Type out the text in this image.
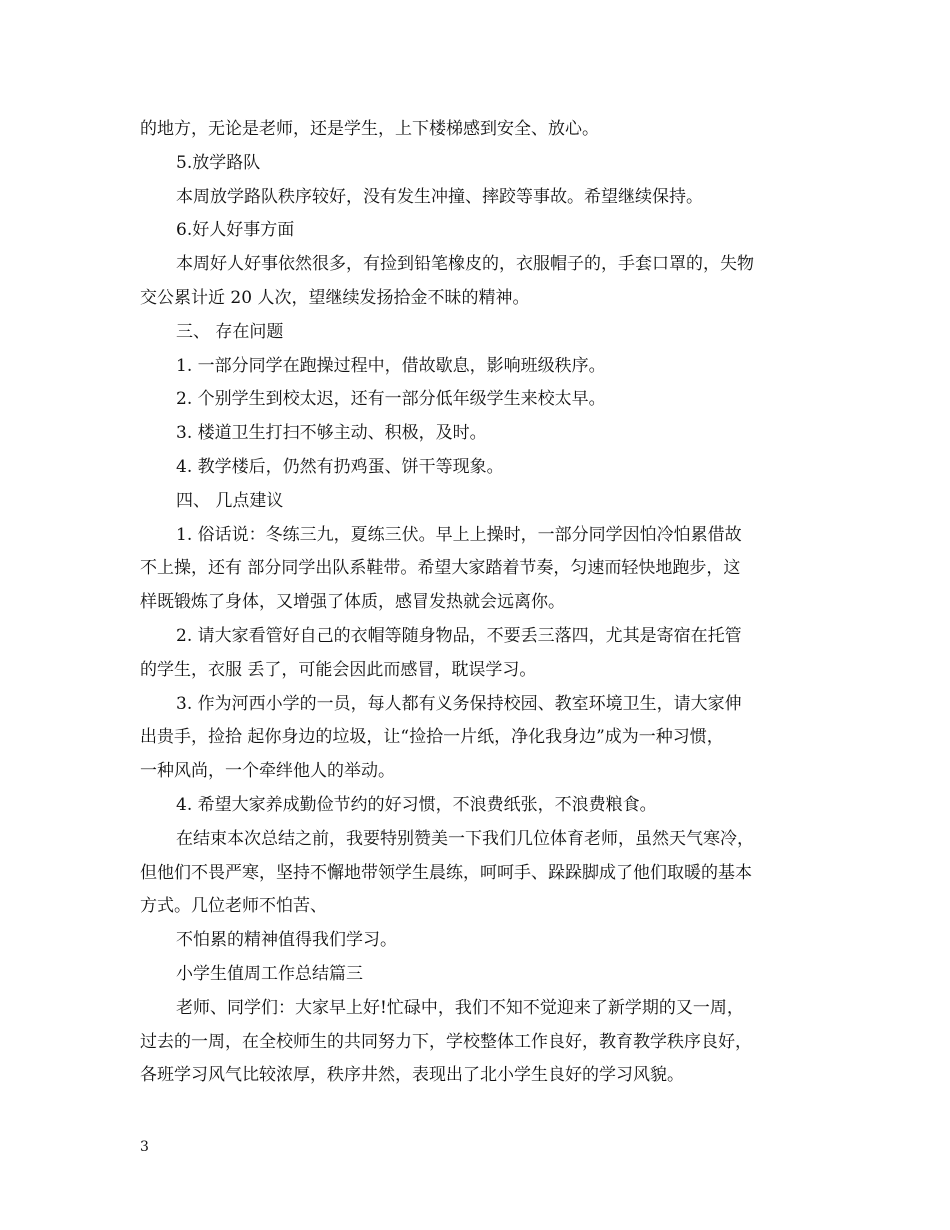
的地方，无论是老师，还是学生，上下楼梯感到安全、放心。

5.放学路队

本周放学路队秩序较好，没有发生冲撞、摔跤等事故。希望继续保持。

6.好人好事方面

本周好人好事依然很多，有捡到铅笔橡皮的，衣服帽子的，手套口罩的，失物

交公累计近 20 人次，望继续发扬拾金不昧的精神。

三、 存在问题

1. 一部分同学在跑操过程中，借故歇息，影响班级秩序。

2. 个别学生到校太迟，还有一部分低年级学生来校太早。

3. 楼道卫生打扫不够主动、积极，及时。

4. 教学楼后，仍然有扔鸡蛋、饼干等现象。

四、 几点建议

1. 俗话说：冬练三九，夏练三伏。早上上操时，一部分同学因怕冷怕累借故

不上操，还有 部分同学出队系鞋带。希望大家踏着节奏，匀速而轻快地跑步，这

样既锻炼了身体，又增强了体质，感冒发热就会远离你。

2. 请大家看管好自己的衣帽等随身物品，不要丢三落四，尤其是寄宿在托管

的学生，衣服 丢了，可能会因此而感冒，耽误学习。

3. 作为河西小学的一员，每人都有义务保持校园、教室环境卫生，请大家伸

出贵手，捡拾 起你身边的垃圾，让“捡拾一片纸，净化我身边”成为一种习惯，

一种风尚，一个牵绊他人的举动。

4. 希望大家养成勤俭节约的好习惯，不浪费纸张，不浪费粮食。

在结束本次总结之前，我要特别赞美一下我们几位体育老师，虽然天气寒冷，

但他们不畏严寒，坚持不懈地带领学生晨练，呵呵手、跺跺脚成了他们取暖的基本

方式。几位老师不怕苦、

不怕累的精神值得我们学习。

小学生值周工作总结篇三

老师、同学们：大家早上好!忙碌中，我们不知不觉迎来了新学期的又一周，

过去的一周，在全校师生的共同努力下，学校整体工作良好，教育教学秩序良好，

各班学习风气比较浓厚，秩序井然，表现出了北小学生良好的学习风貌。

3
